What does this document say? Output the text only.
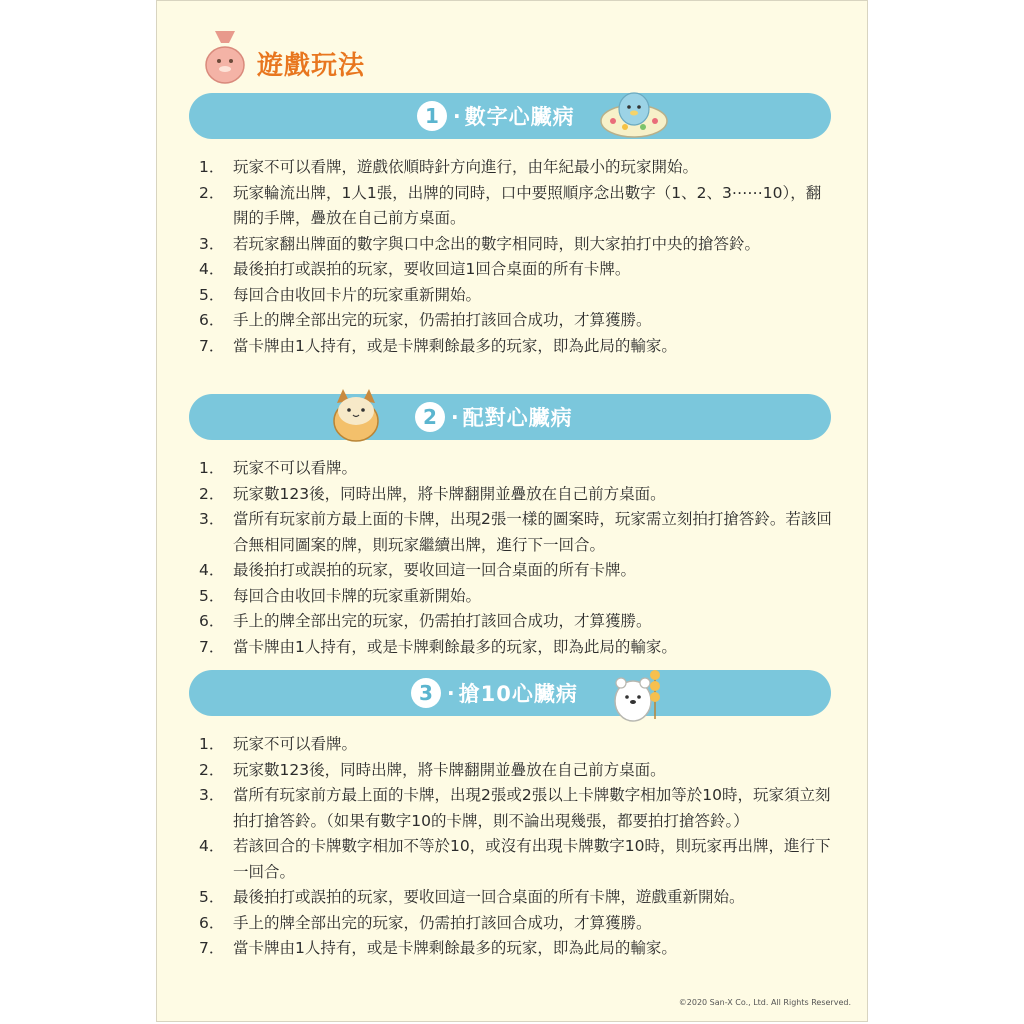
遊戲玩法
1 · 數字心臟病
1． 玩家不可以看牌，遊戲依順時針方向進行，由年紀最小的玩家開始。
2． 玩家輪流出牌，1人1張，出牌的同時，口中要照順序念出數字（1、2、3⋯⋯10），翻開的手牌，疊放在自己前方桌面。
3． 若玩家翻出牌面的數字與口中念出的數字相同時，則大家拍打中央的搶答鈴。
4． 最後拍打或誤拍的玩家，要收回這1回合桌面的所有卡牌。
5． 每回合由收回卡片的玩家重新開始。
6． 手上的牌全部出完的玩家，仍需拍打該回合成功，才算獲勝。
7． 當卡牌由1人持有，或是卡牌剩餘最多的玩家，即為此局的輸家。
2 · 配對心臟病
1． 玩家不可以看牌。
2． 玩家數123後，同時出牌，將卡牌翻開並疊放在自己前方桌面。
3． 當所有玩家前方最上面的卡牌，出現2張一樣的圖案時，玩家需立刻拍打搶答鈴。若該回合無相同圖案的牌，則玩家繼續出牌，進行下一回合。
4． 最後拍打或誤拍的玩家，要收回這一回合桌面的所有卡牌。
5． 每回合由收回卡牌的玩家重新開始。
6． 手上的牌全部出完的玩家，仍需拍打該回合成功，才算獲勝。
7． 當卡牌由1人持有，或是卡牌剩餘最多的玩家，即為此局的輸家。
3 · 搶10心臟病
1． 玩家不可以看牌。
2． 玩家數123後，同時出牌，將卡牌翻開並疊放在自己前方桌面。
3． 當所有玩家前方最上面的卡牌，出現2張或2張以上卡牌數字相加等於10時，玩家須立刻拍打搶答鈴。（如果有數字10的卡牌，則不論出現幾張，都要拍打搶答鈴。）
4． 若該回合的卡牌數字相加不等於10，或沒有出現卡牌數字10時，則玩家再出牌，進行下一回合。
5． 最後拍打或誤拍的玩家，要收回這一回合桌面的所有卡牌，遊戲重新開始。
6． 手上的牌全部出完的玩家，仍需拍打該回合成功，才算獲勝。
7． 當卡牌由1人持有，或是卡牌剩餘最多的玩家，即為此局的輸家。
©2020 San-X Co., Ltd. All Rights Reserved.
